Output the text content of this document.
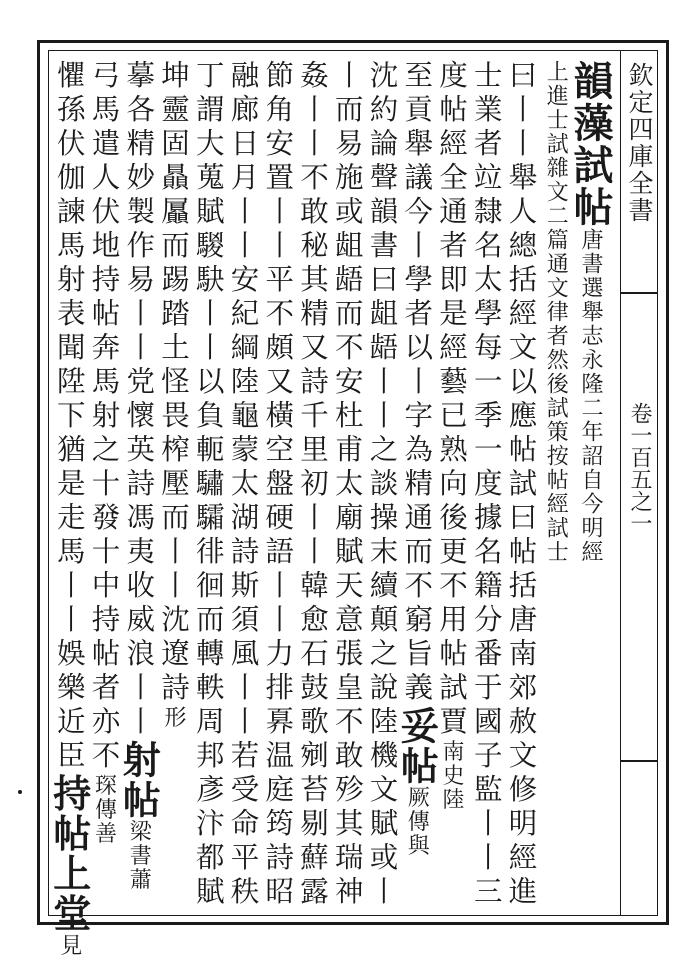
欽定四庫全書
卷一百五之一
韻藻試帖唐書選舉志永隆二年詔自今明經
上進士試雜文二篇通文律者然後試策按帖經試士
曰丨丨舉人總括經文以應帖試曰帖括唐南郊赦文修明經進
士業者竝隸名太學每一季一度據名籍分番于國子監丨丨三
度帖經全通者即是經藝已熟向後更不用帖試賈南史陸
至貢舉議今丨學者以丨字為精通而不窮旨義妥帖厥傳與
沈約論聲韻書曰龃龉丨丨之談操末續顛之說陸機文賦或丨
丨而易施或龃龉而不安杜甫太廟賦天意張皇不敢殄其瑞神
姦丨丨不敢秘其精又詩千里初丨丨韓愈石鼓歌剜苔剔蘚露
節角安置丨丨平不頗又橫空盤硬語丨丨力排奡温庭筠詩昭
融廊日月丨丨安紀綱陸龜蒙太湖詩斯須風丨丨若受命平秩
丁謂大蒐賦騣駃丨丨以負軛驌驦徘徊而轉軼周邦彥汴都賦
坤靈固贔屭而踢踏土怪畏榨壓而丨丨沈遼詩形
摹各精妙製作易丨丨党懷英詩馮夷收威浪丨丨射帖梁書蕭
弓馬遣人伏地持帖奔馬射之十發十中持帖者亦不琛傳善
懼孫伏伽諫馬射表聞陞下猶是走馬丨丨娛樂近臣持帖上堂見
